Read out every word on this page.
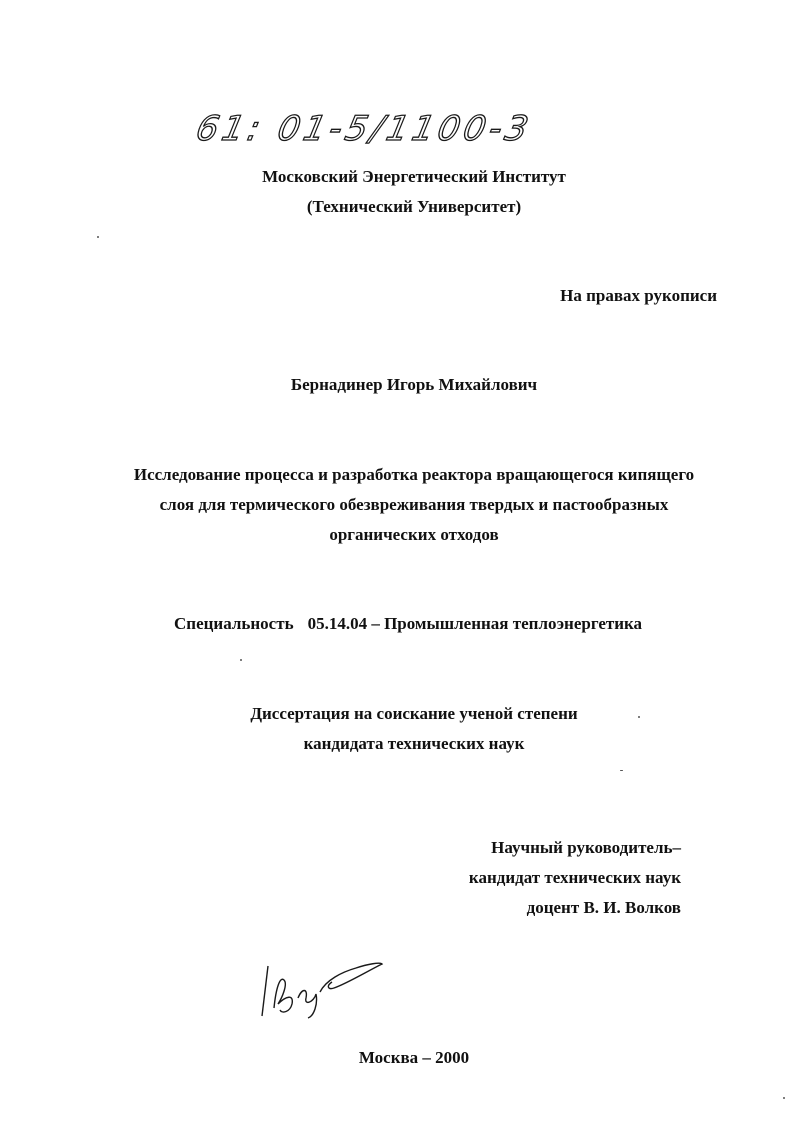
61: 01-5/1100-3
Московский Энергетический Институт
(Технический Университет)
На правах рукописи
Бернадинер Игорь Михайлович
Исследование процесса и разработка реактора вращающегося кипящего
слоя для термического обезвреживания твердых и пастообразных
органических отходов
Специальность 05.14.04 – Промышленная теплоэнергетика
Диссертация на соискание ученой степени
кандидата технических наук
Научный руководитель–
кандидат технических наук
доцент В. И. Волков
Москва – 2000
